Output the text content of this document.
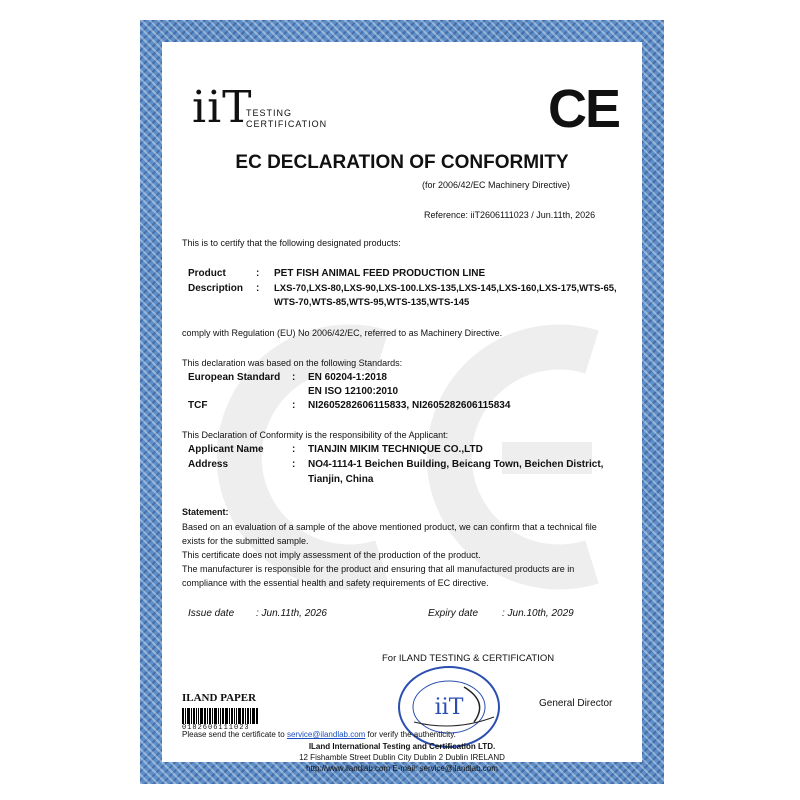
iiT
TESTING
CERTIFICATION	CE
EC DECLARATION OF CONFORMITY
(for 2006/42/EC Machinery Directive)
Reference: iiT2606111023 / Jun.11th, 2026
This is to certify that the following designated products:
Product	: PET FISH ANIMAL FEED PRODUCTION LINE
Description : LXS-70,LXS-80,LXS-90,LXS-100.LXS-135,LXS-145,LXS-160,LXS-175,WTS-65,
WTS-70,WTS-85,WTS-95,WTS-135,WTS-145
comply with Regulation (EU) No 2006/42/EC, referred to as Machinery Directive.
This declaration was based on the following Standards:
European Standard : EN 60204-1:2018
EN ISO 12100:2010
TCF	: NI2605282606115833, NI2605282606115834
This Declaration of Conformity is the responsibility of the Applicant:
Applicant Name	: TIANJIN MIKIM TECHNIQUE CO.,LTD
Address	: NO4-1114-1 Beichen Building, Beicang Town, Beichen District,
Tianjin, China
Statement:
Based on an evaluation of a sample of the above mentioned product, we can confirm that a technical file
exists for the submitted sample.
This certificate does not imply assessment of the production of the product.
The manufacturer is responsible for the product and ensuring that all manufactured products are in
compliance with the essential health and safety requirements of EC directive.
Issue date : Jun.11th, 2026	Expiry date : Jun.10th, 2029
For ILAND TESTING & CERTIFICATION
iiT	General Director
ILAND PAPER
0182606111023
Please send the certificate to service@ilandlab.com for verify the authenticity.
ILand International Testing and Certification LTD.
12 Fishamble Street Dublin City Dublin 2 Dublin IRELAND
http://www.ilandlab.com E-mail: service@ilandlab.com
